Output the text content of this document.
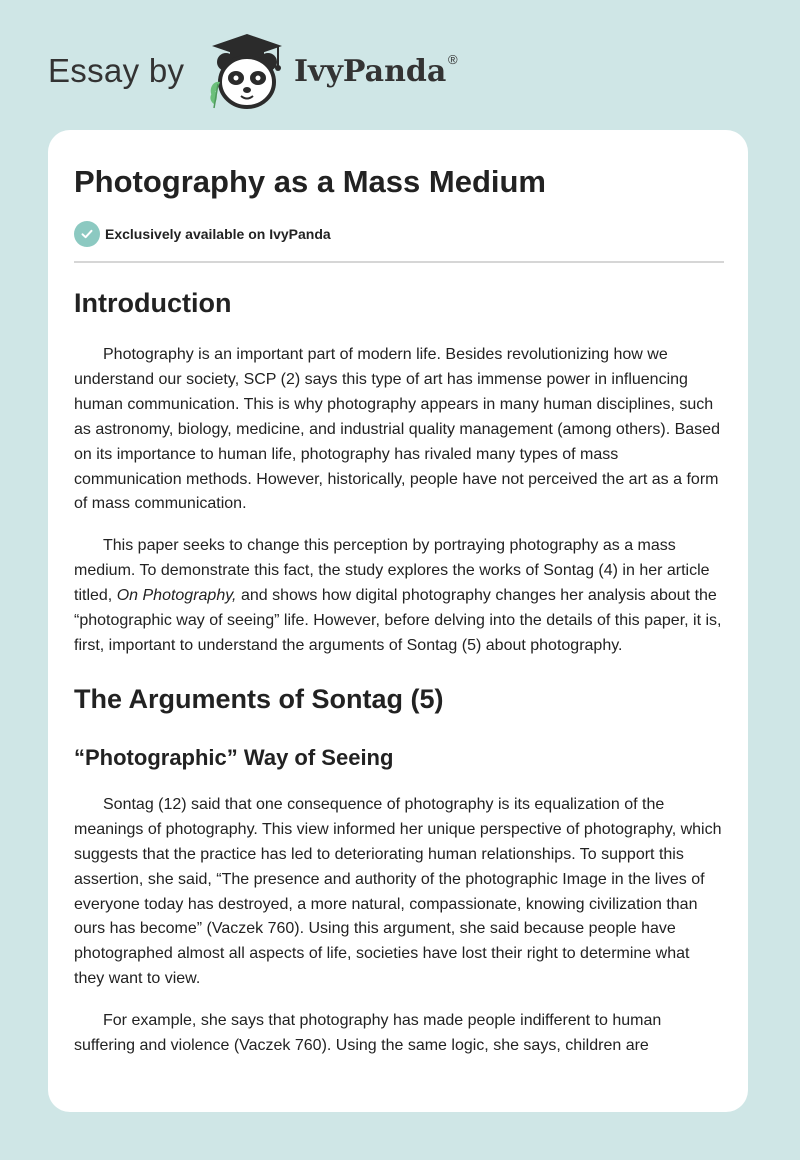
Essay by	IvyPanda ®
Photography as a Mass Medium
Exclusively available on IvyPanda
Introduction

Photography is an important part of modern life. Besides revolutionizing how we understand our society, SCP (2) says this type of art has immense power in influencing human communication. This is why photography appears in many human disciplines, such as astronomy, biology, medicine, and industrial quality management (among others). Based on its importance to human life, photography has rivaled many types of mass communication methods. However, historically, people have not perceived the art as a form of mass communication.

This paper seeks to change this perception by portraying photography as a mass medium. To demonstrate this fact, the study explores the works of Sontag (4) in her article titled, On Photography, and shows how digital photography changes her analysis about the “photographic way of seeing” life. However, before delving into the details of this paper, it is, first, important to understand the arguments of Sontag (5) about photography.

The Arguments of Sontag (5)
“Photographic” Way of Seeing

Sontag (12) said that one consequence of photography is its equalization of the meanings of photography. This view informed her unique perspective of photography, which suggests that the practice has led to deteriorating human relationships. To support this assertion, she said, “The presence and authority of the photographic Image in the lives of everyone today has destroyed, a more natural, compassionate, knowing civilization than ours has become” (Vaczek 760). Using this argument, she said because people have photographed almost all aspects of life, societies have lost their right to determine what they want to view.

For example, she says that photography has made people indifferent to human suffering and violence (Vaczek 760). Using the same logic, she says, children are
